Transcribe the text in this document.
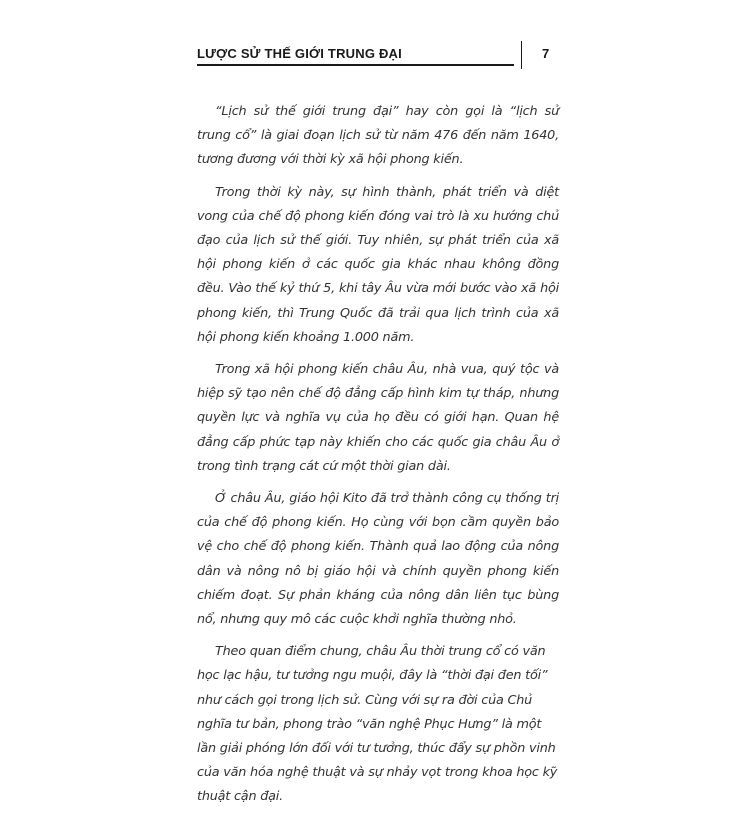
LƯỢC SỬ THẾ GIỚI TRUNG ĐẠI	7

“Lịch sử thế giới trung đại” hay còn gọi là “lịch sử trung cổ” là giai đoạn lịch sử từ năm 476 đến năm 1640, tương đương với thời kỳ xã hội phong kiến.

Trong thời kỳ này, sự hình thành, phát triển và diệt vong của chế độ phong kiến đóng vai trò là xu hướng chủ đạo của lịch sử thế giới. Tuy nhiên, sự phát triển của xã hội phong kiến ở các quốc gia khác nhau không đồng đều. Vào thế kỷ thứ 5, khi tây Âu vừa mới bước vào xã hội phong kiến, thì Trung Quốc đã trải qua lịch trình của xã hội phong kiến khoảng 1.000 năm.

Trong xã hội phong kiến châu Âu, nhà vua, quý tộc và hiệp sỹ tạo nên chế độ đẳng cấp hình kim tự tháp, nhưng quyền lực và nghĩa vụ của họ đều có giới hạn. Quan hệ đẳng cấp phức tạp này khiến cho các quốc gia châu Âu ở trong tình trạng cát cứ một thời gian dài.

Ở châu Âu, giáo hội Kito đã trở thành công cụ thống trị của chế độ phong kiến. Họ cùng với bọn cầm quyền bảo vệ cho chế độ phong kiến. Thành quả lao động của nông dân và nông nô bị giáo hội và chính quyền phong kiến chiếm đoạt. Sự phản kháng của nông dân liên tục bùng nổ, nhưng quy mô các cuộc khởi nghĩa thường nhỏ.

Theo quan điểm chung, châu Âu thời trung cổ có văn học lạc hậu, tư tưởng ngu muội, đây là “thời đại đen tối” như cách gọi trong lịch sử. Cùng với sự ra đời của Chủ nghĩa tư bản, phong trào “văn nghệ Phục Hưng” là một lần giải phóng lớn đối với tư tưởng, thúc đẩy sự phồn vinh của văn hóa nghệ thuật và sự nhảy vọt trong khoa học kỹ thuật cận đại.
